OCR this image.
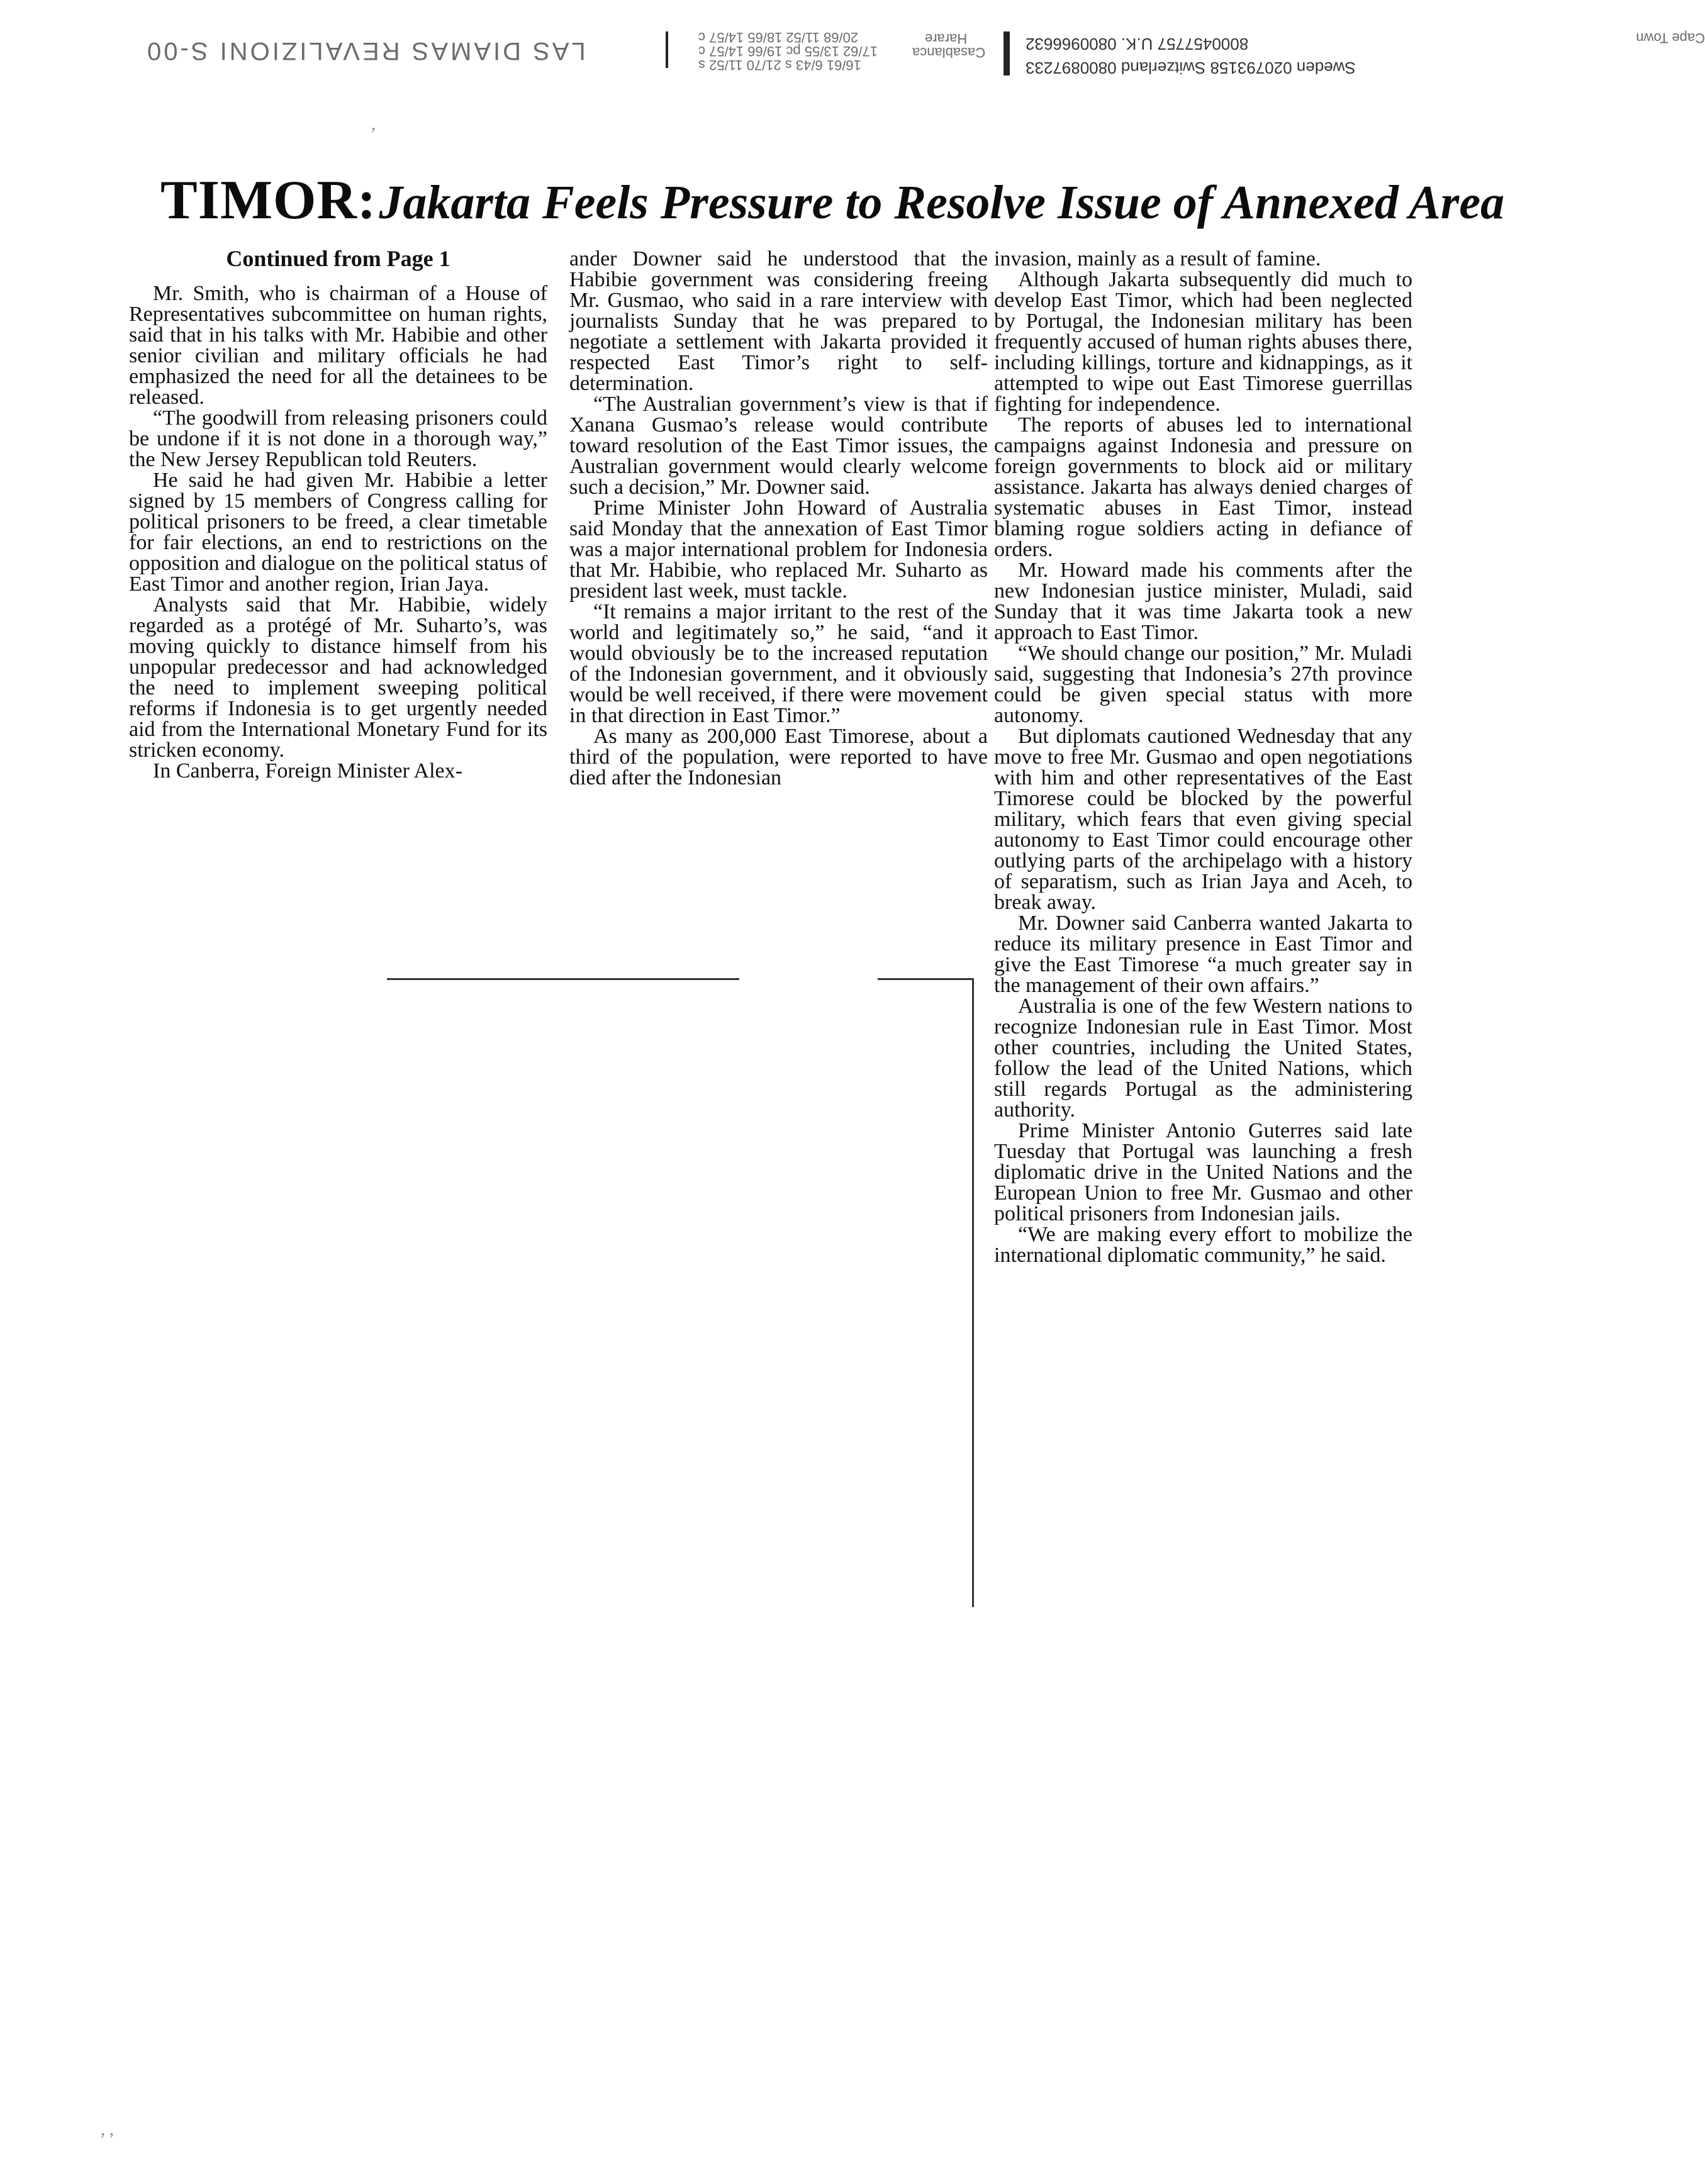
LAS DIAMAS REVALIZIONI S-00	Cape Town
Casablanca
Harare
16/61 6/43 s 21/70 11/52 s
17/62 13/55 pc 19/66 14/57 c
20/68 11/52 18/65 14/57 c
Sweden 020793158 Switzerland 0800897233
8000457757 U.K. 0800966632
TIMOR: Jakarta Feels Pressure to Resolve Issue of Annexed Area
Continued from Page 1

Mr. Smith, who is chairman of a House of Representatives subcommittee on human rights, said that in his talks with Mr. Habibie and other senior civilian and military officials he had emphasized the need for all the detainees to be released.

“The goodwill from releasing prisoners could be undone if it is not done in a thorough way,” the New Jersey Republican told Reuters.

He said he had given Mr. Habibie a letter signed by 15 members of Congress calling for political prisoners to be freed, a clear timetable for fair elections, an end to restrictions on the opposition and dialogue on the political status of East Timor and another region, Irian Jaya.

Analysts said that Mr. Habibie, widely regarded as a protégé of Mr. Suharto’s, was moving quickly to distance himself from his unpopular predecessor and had acknowledged the need to implement sweeping political reforms if Indonesia is to get urgently needed aid from the International Monetary Fund for its stricken economy.

In Canberra, Foreign Minister Alex-

ander Downer said he understood that the Habibie government was considering freeing Mr. Gusmao, who said in a rare interview with journalists Sunday that he was prepared to negotiate a settlement with Jakarta provided it respected East Timor’s right to self-determination.

“The Australian government’s view is that if Xanana Gusmao’s release would contribute toward resolution of the East Timor issues, the Australian government would clearly welcome such a decision,” Mr. Downer said.

Prime Minister John Howard of Australia said Monday that the annexation of East Timor was a major international problem for Indonesia that Mr. Habibie, who replaced Mr. Suharto as president last week, must tackle.

“It remains a major irritant to the rest of the world and legitimately so,” he said, “and it would obviously be to the increased reputation of the Indonesian government, and it obviously would be well received, if there were movement in that direction in East Timor.”

As many as 200,000 East Timorese, about a third of the population, were reported to have died after the Indonesian

invasion, mainly as a result of famine.

Although Jakarta subsequently did much to develop East Timor, which had been neglected by Portugal, the Indonesian military has been frequently accused of human rights abuses there, including killings, torture and kidnappings, as it attempted to wipe out East Timorese guerrillas fighting for independence.

The reports of abuses led to international campaigns against Indonesia and pressure on foreign governments to block aid or military assistance. Jakarta has always denied charges of systematic abuses in East Timor, instead blaming rogue soldiers acting in defiance of orders.

Mr. Howard made his comments after the new Indonesian justice minister, Muladi, said Sunday that it was time Jakarta took a new approach to East Timor.

“We should change our position,” Mr. Muladi said, suggesting that Indonesia’s 27th province could be given special status with more autonomy.

But diplomats cautioned Wednesday that any move to free Mr. Gusmao and open negotiations with him and other representatives of the East Timorese could be blocked by the powerful military, which fears that even giving special autonomy to East Timor could encourage other outlying parts of the archipelago with a history of separatism, such as Irian Jaya and Aceh, to break away.

Mr. Downer said Canberra wanted Jakarta to reduce its military presence in East Timor and give the East Timorese “a much greater say in the management of their own affairs.”

Australia is one of the few Western nations to recognize Indonesian rule in East Timor. Most other countries, including the United States, follow the lead of the United Nations, which still regards Portugal as the administering authority.

Prime Minister Antonio Guterres said late Tuesday that Portugal was launching a fresh diplomatic drive in the United Nations and the European Union to free Mr. Gusmao and other political prisoners from Indonesian jails.

“We are making every effort to mobilize the international diplomatic community,” he said.

,
, ,
